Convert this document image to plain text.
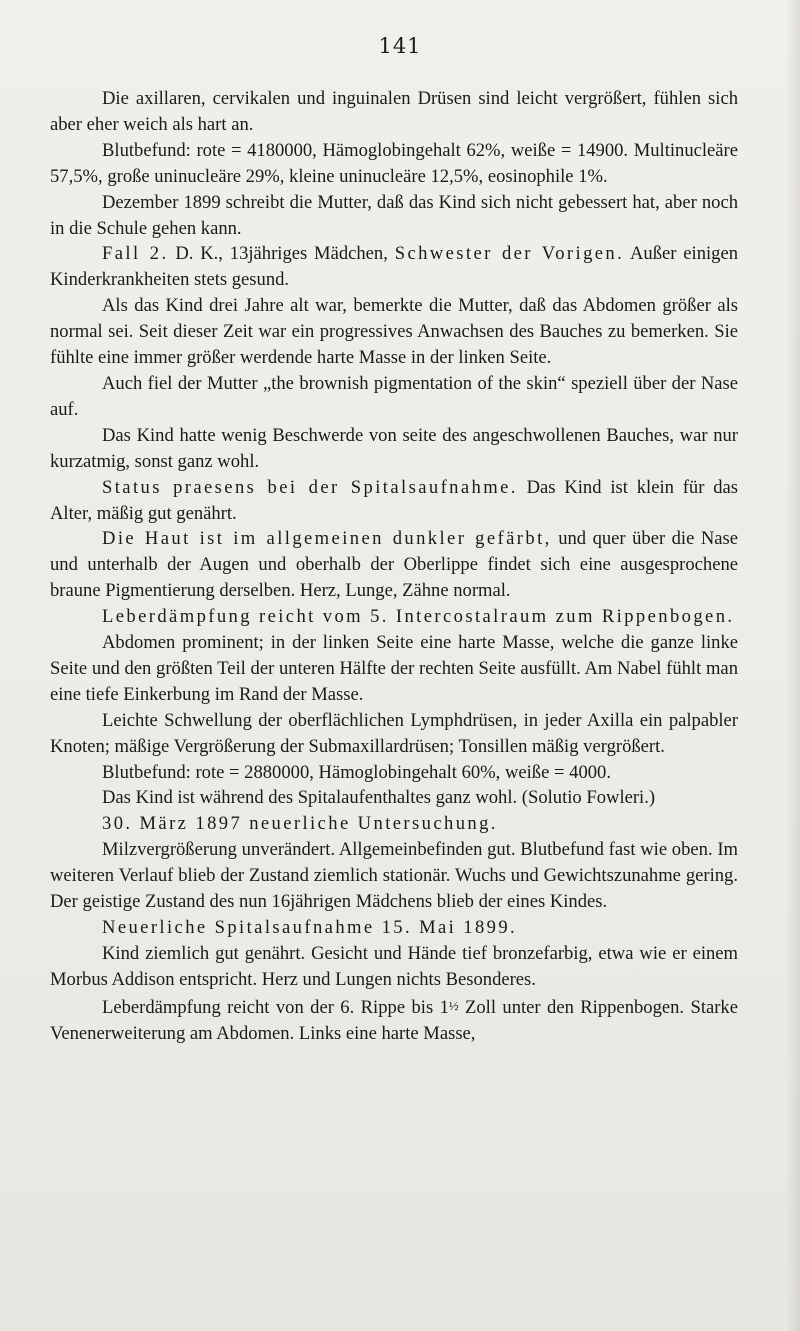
141

Die axillaren, cervikalen und inguinalen Drüsen sind leicht vergrößert, fühlen sich aber eher weich als hart an.

Blutbefund: rote = 4180000, Hämoglobingehalt 62%, weiße = 14900. Multinucleäre 57,5%, große uninucleäre 29%, kleine uninucleäre 12,5%, eosinophile 1%.

Dezember 1899 schreibt die Mutter, daß das Kind sich nicht gebessert hat, aber noch in die Schule gehen kann.

Fall 2. D. K., 13jähriges Mädchen, Schwester der Vorigen. Außer einigen Kinderkrankheiten stets gesund.

Als das Kind drei Jahre alt war, bemerkte die Mutter, daß das Abdomen größer als normal sei. Seit dieser Zeit war ein progressives Anwachsen des Bauches zu bemerken. Sie fühlte eine immer größer werdende harte Masse in der linken Seite.

Auch fiel der Mutter „the brownish pigmentation of the skin“ speziell über der Nase auf.

Das Kind hatte wenig Beschwerde von seite des angeschwollenen Bauches, war nur kurzatmig, sonst ganz wohl.

Status praesens bei der Spitalsaufnahme. Das Kind ist klein für das Alter, mäßig gut genährt.

Die Haut ist im allgemeinen dunkler gefärbt, und quer über die Nase und unterhalb der Augen und oberhalb der Oberlippe findet sich eine ausgesprochene braune Pigmentierung derselben. Herz, Lunge, Zähne normal.

Leberdämpfung reicht vom 5. Intercostalraum zum Rippenbogen.

Abdomen prominent; in der linken Seite eine harte Masse, welche die ganze linke Seite und den größten Teil der unteren Hälfte der rechten Seite ausfüllt. Am Nabel fühlt man eine tiefe Einkerbung im Rand der Masse.

Leichte Schwellung der oberflächlichen Lymphdrüsen, in jeder Axilla ein palpabler Knoten; mäßige Vergrößerung der Submaxillardrüsen; Tonsillen mäßig vergrößert.

Blutbefund: rote = 2880000, Hämoglobingehalt 60%, weiße = 4000.

Das Kind ist während des Spitalaufenthaltes ganz wohl. (Solutio Fowleri.)

30. März 1897 neuerliche Untersuchung.

Milzvergrößerung unverändert. Allgemeinbefinden gut. Blutbefund fast wie oben. Im weiteren Verlauf blieb der Zustand ziemlich stationär. Wuchs und Gewichtszunahme gering. Der geistige Zustand des nun 16jährigen Mädchens blieb der eines Kindes.

Neuerliche Spitalsaufnahme 15. Mai 1899.

Kind ziemlich gut genährt. Gesicht und Hände tief bronzefarbig, etwa wie er einem Morbus Addison entspricht. Herz und Lungen nichts Besonderes.

Leberdämpfung reicht von der 6. Rippe bis 1½ Zoll unter den Rippenbogen. Starke Venenerweiterung am Abdomen. Links eine harte Masse,
